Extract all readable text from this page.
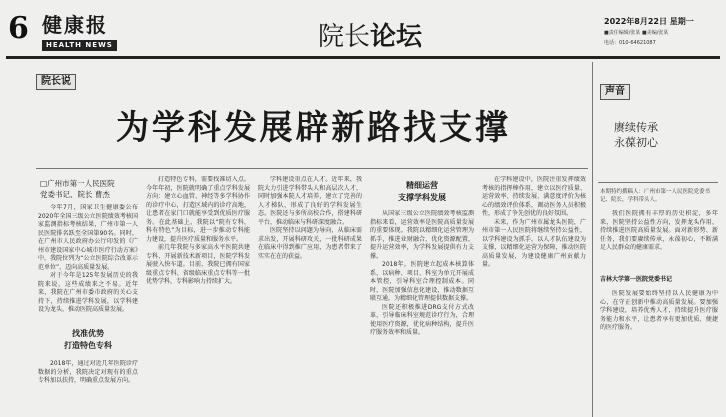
6 健康报
HEALTH NEWS	院长论坛
2022年8月22日 星期一
■责任编辑/张某 ■美编/张某
电话：010-64621087
院长说
声音
为学科发展辟新路找支撑
□广州市第一人民医院
党委书记、院长 曹杰

今年7月，国家卫生健康委公布2020年全国三级公立医院绩效考核国家监测指标考核结果，广州市第一人民医院排名跃至全国第90名。同时，在广州市人民政府办公厅印发的《广州市建设国家中心城市医疗行动方案》中，我院位列为“公立医院综合改革示范单位”，迈向高质量发展。

对于今年是125年发展历史的我院来说，这些成绩来之不易。近年来，我院在广州市委市政府的关心支持下，持续推进学科发展，以学科建设为龙头，推动医院高质量发展。

找准优势
打造特色专科

2018年，通过对近几年医院诊疗数据的分析，我院决定对现有的重点专科加以扶持，明确重点发展方向。

打造特色专科，需要找准切入点。今年年初，医院就明确了重点学科发展方向：建立心血管、神经等多学科协作的诊疗中心，打造区域内的诊疗高地，让患者在家门口就能享受到优质医疗服务。在此基础上，我院以“院有专科，科有特色”为目标，进一步推动专科能力建设，提升医疗质量和服务水平。

前几年我院与多家高水平医院共建专科，开展新技术新项目，医院学科发展驶入快车道。目前，我院已拥有国家级重点专科、省级临床重点专科等一批优势学科，专科影响力持续扩大。

学科建设重点在人才。近年来，我院大力引进学科带头人和高层次人才，同时加强本院人才培养，建立了完善的人才梯队，形成了良好的学科发展生态。医院还与多所高校合作，搭建科研平台，推动临床与科研深度融合。

医院坚持以问题为导向，从临床需求出发，开展科研攻关，一批科研成果在临床中得到推广应用，为患者带来了实实在在的获益。

精细运营
支撑学科发展

从国家三级公立医院绩效考核监测指标来看，运营效率是医院高质量发展的重要体现。我院以精细化运营管理为抓手，推进业财融合，优化资源配置，提升运营效率，为学科发展提供有力支撑。

2018年，医院建立起成本核算体系，以病种、项目、科室为单元开展成本管控，引导科室合理控制成本。同时，医院加强信息化建设，推动数据互联互通，为精细化管理提供数据支撑。

医院还积极推进DRG支付方式改革，引导临床科室规范诊疗行为，合理使用医疗资源，优化病种结构，提升医疗服务效率和质量。

在学科建设中，医院注重发挥绩效考核的指挥棒作用，建立以医疗质量、运营效率、持续发展、满意度评价为核心的绩效评价体系，调动医务人员积极性，形成了争先创优的良好氛围。

未来，作为广州市属龙头医院，广州市第一人民医院将继续坚持公益性，以学科建设为抓手，以人才队伍建设为支撑，以精细化运营为保障，推动医院高质量发展，为建设健康广州贡献力量。

赓续传承
永葆初心
本期特约撰稿人：广州市第一人民医院党委书记、院长，学科带头人。

我们医院拥有丰厚的历史积淀，多年来，医院坚持公益性方向，发挥龙头作用，持续推进医院高质量发展。面对新形势、新任务，我们要赓续传承，永葆初心，不断满足人民群众的健康需求。

吉林大学第一医院党委书记

医院发展要始终坚持以人民健康为中心，在守正创新中推动高质量发展。要加强学科建设，培养优秀人才，持续提升医疗服务能力和水平，让患者享有更加优质、便捷的医疗服务。
